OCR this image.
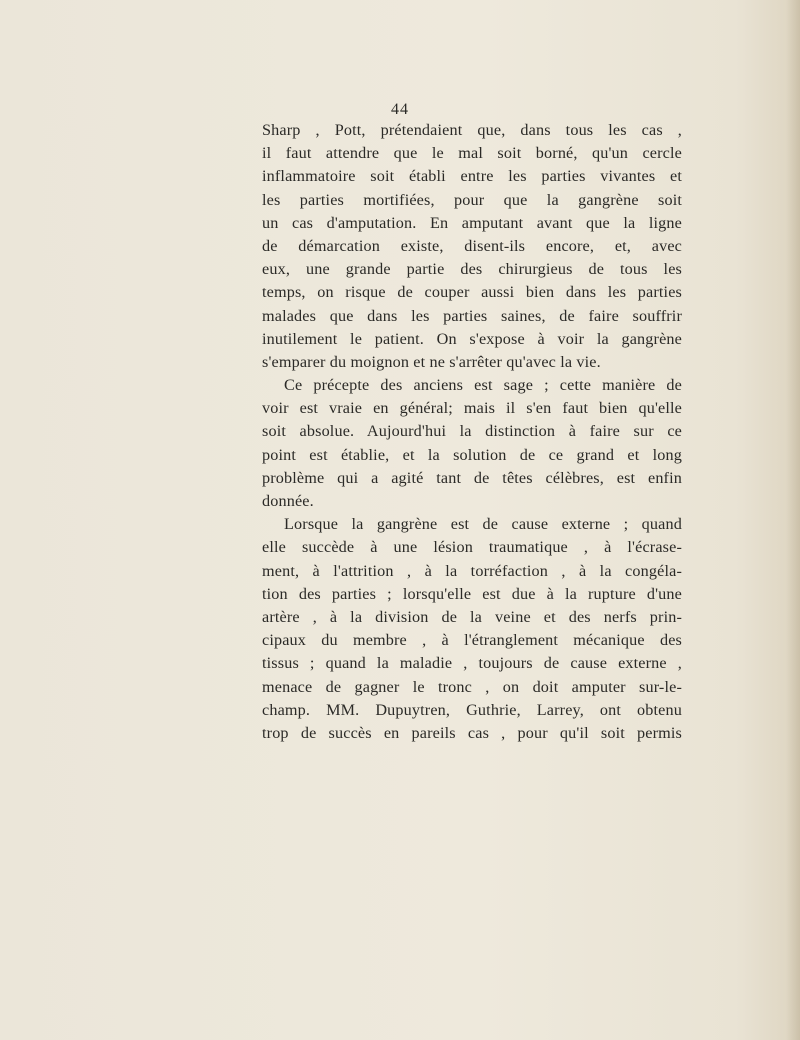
44
Sharp , Pott, prétendaient que, dans tous les cas ,
il faut attendre que le mal soit borné, qu'un cercle
inflammatoire soit établi entre les parties vivantes et
les parties mortifiées, pour que la gangrène soit
un cas d'amputation. En amputant avant que la ligne
de démarcation existe, disent-ils encore, et, avec
eux, une grande partie des chirurgieus de tous les
temps, on risque de couper aussi bien dans les parties
malades que dans les parties saines, de faire souffrir
inutilement le patient. On s'expose à voir la gangrène
s'emparer du moignon et ne s'arrêter qu'avec la vie.
Ce précepte des anciens est sage ; cette manière de
voir est vraie en général; mais il s'en faut bien qu'elle
soit absolue. Aujourd'hui la distinction à faire sur ce
point est établie, et la solution de ce grand et long
problème qui a agité tant de têtes célèbres, est enfin
donnée.
Lorsque la gangrène est de cause externe ; quand
elle succède à une lésion traumatique , à l'écrase-
ment, à l'attrition , à la torréfaction , à la congéla-
tion des parties ; lorsqu'elle est due à la rupture d'une
artère , à la division de la veine et des nerfs prin-
cipaux du membre , à l'étranglement mécanique des
tissus ; quand la maladie , toujours de cause externe ,
menace de gagner le tronc , on doit amputer sur-le-
champ. MM. Dupuytren, Guthrie, Larrey, ont obtenu
trop de succès en pareils cas , pour qu'il soit permis
